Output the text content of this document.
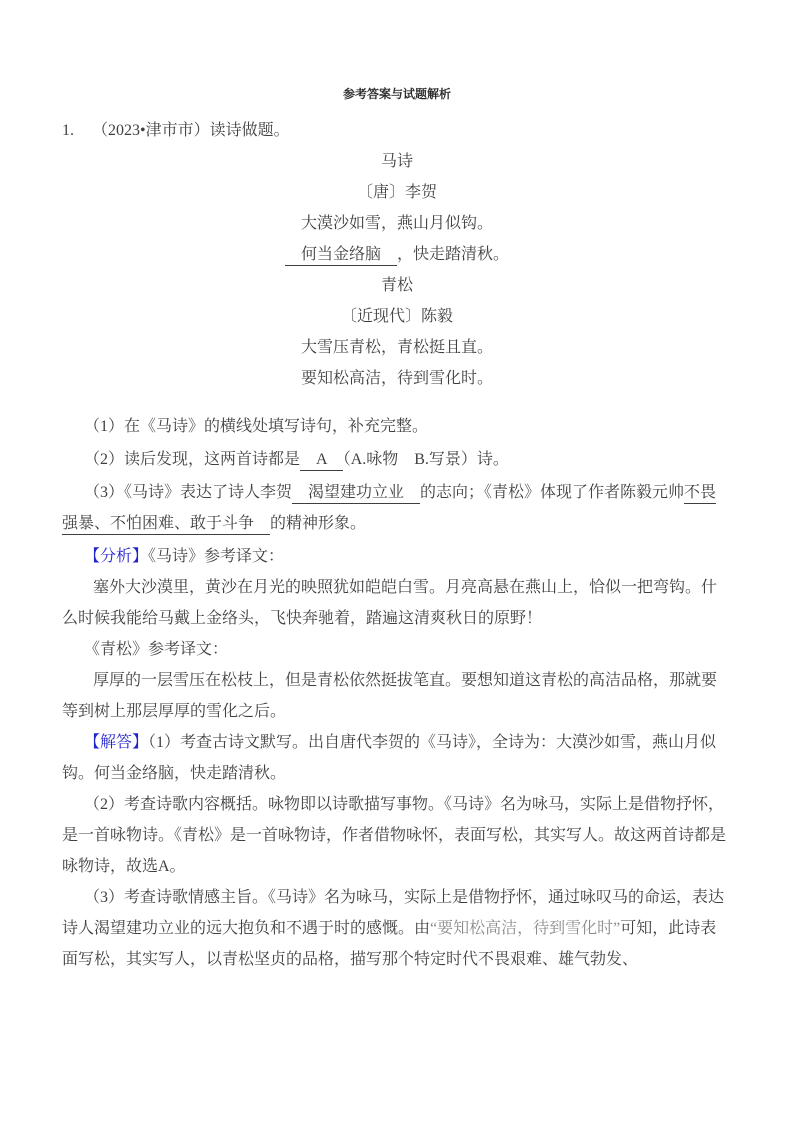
参考答案与试题解析

1. （2023•津市市）读诗做题。

马诗
〔唐〕李贺
大漠沙如雪，燕山月似钩。
　何当金络脑　，快走踏清秋。
青松
〔近现代〕陈毅
大雪压青松，青松挺且直。
要知松高洁，待到雪化时。

（1）在《马诗》的横线处填写诗句，补充完整。

（2）读后发现，这两首诗都是　A　（A.咏物　B.写景）诗。

（3）《马诗》表达了诗人李贺　渴望建功立业　的志向；《青松》体现了作者陈毅元帅不畏强暴、不怕困难、敢于斗争　的精神形象。

【分析】《马诗》参考译文：

塞外大沙漠里，黄沙在月光的映照犹如皑皑白雪。月亮高悬在燕山上，恰似一把弯钩。什么时候我能给马戴上金络头，飞快奔驰着，踏遍这清爽秋日的原野！

《青松》参考译文：

厚厚的一层雪压在松枝上，但是青松依然挺拔笔直。要想知道这青松的高洁品格，那就要等到树上那层厚厚的雪化之后。

【解答】（1）考查古诗文默写。出自唐代李贺的《马诗》，全诗为：大漠沙如雪，燕山月似钩。何当金络脑，快走踏清秋。

（2）考查诗歌内容概括。咏物即以诗歌描写事物。《马诗》名为咏马，实际上是借物抒怀，是一首咏物诗。《青松》是一首咏物诗，作者借物咏怀，表面写松，其实写人。故这两首诗都是咏物诗，故选A。

（3）考查诗歌情感主旨。《马诗》名为咏马，实际上是借物抒怀，通过咏叹马的命运，表达诗人渴望建功立业的远大抱负和不遇于时的感慨。由“要知松高洁，待到雪化时”可知，此诗表面写松，其实写人，以青松坚贞的品格，描写那个特定时代不畏艰难、雄气勃发、
